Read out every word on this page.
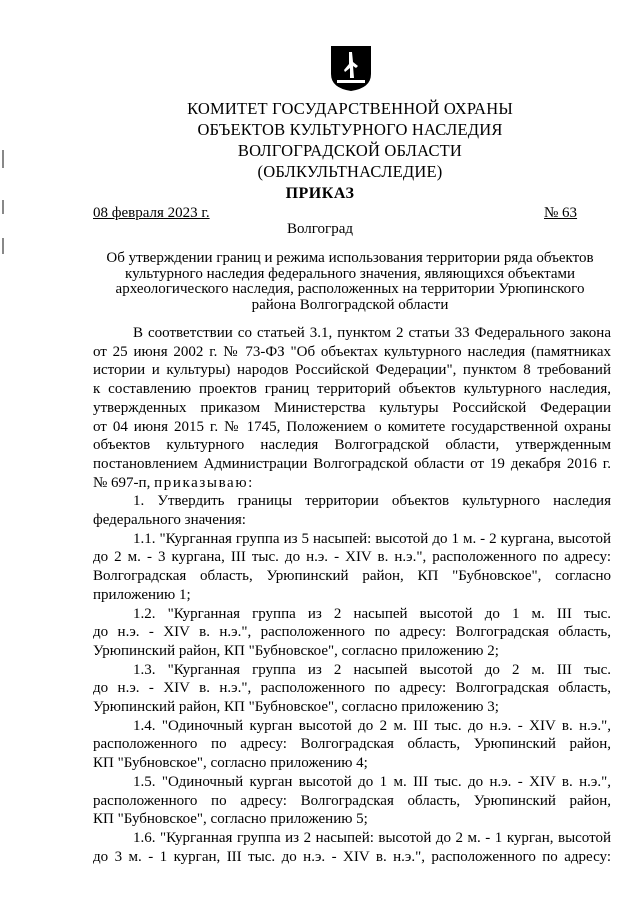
КОМИТЕТ ГОСУДАРСТВЕННОЙ ОХРАНЫ
ОБЪЕКТОВ КУЛЬТУРНОГО НАСЛЕДИЯ
ВОЛГОГРАДСКОЙ ОБЛАСТИ
(ОБЛКУЛЬТНАСЛЕДИЕ)
ПРИКАЗ
08 февраля 2023 г.	№ 63
Волгоград
Об утверждении границ и режима использования территории ряда объектов
культурного наследия федерального значения, являющихся объектами
археологического наследия, расположенных на территории Урюпинского
района Волгоградской области
В соответствии со статьей 3.1, пунктом 2 статьи 33 Федерального закона
от 25 июня 2002 г. № 73-ФЗ "Об объектах культурного наследия (памятниках
истории и культуры) народов Российской Федерации", пунктом 8 требований
к составлению проектов границ территорий объектов культурного наследия,
утвержденных приказом Министерства культуры Российской Федерации
от 04 июня 2015 г. № 1745, Положением о комитете государственной охраны
объектов культурного наследия Волгоградской области, утвержденным
постановлением Администрации Волгоградской области от 19 декабря 2016 г.
№ 697-п, приказываю:
1. Утвердить границы территории объектов культурного наследия
федерального значения:
1.1. "Курганная группа из 5 насыпей: высотой до 1 м. - 2 кургана, высотой
до 2 м. - 3 кургана, III тыс. до н.э. - XIV в. н.э.", расположенного по адресу:
Волгоградская область, Урюпинский район, КП "Бубновское", согласно
приложению 1;
1.2. "Курганная группа из 2 насыпей высотой до 1 м. III тыс.
до н.э. - XIV в. н.э.", расположенного по адресу: Волгоградская область,
Урюпинский район, КП "Бубновское", согласно приложению 2;
1.3. "Курганная группа из 2 насыпей высотой до 2 м. III тыс.
до н.э. - XIV в. н.э.", расположенного по адресу: Волгоградская область,
Урюпинский район, КП "Бубновское", согласно приложению 3;
1.4. "Одиночный курган высотой до 2 м. III тыс. до н.э. - XIV в. н.э.",
расположенного по адресу: Волгоградская область, Урюпинский район,
КП "Бубновское", согласно приложению 4;
1.5. "Одиночный курган высотой до 1 м. III тыс. до н.э. - XIV в. н.э.",
расположенного по адресу: Волгоградская область, Урюпинский район,
КП "Бубновское", согласно приложению 5;
1.6. "Курганная группа из 2 насыпей: высотой до 2 м. - 1 курган, высотой
до 3 м. - 1 курган, III тыс. до н.э. - XIV в. н.э.", расположенного по адресу:
